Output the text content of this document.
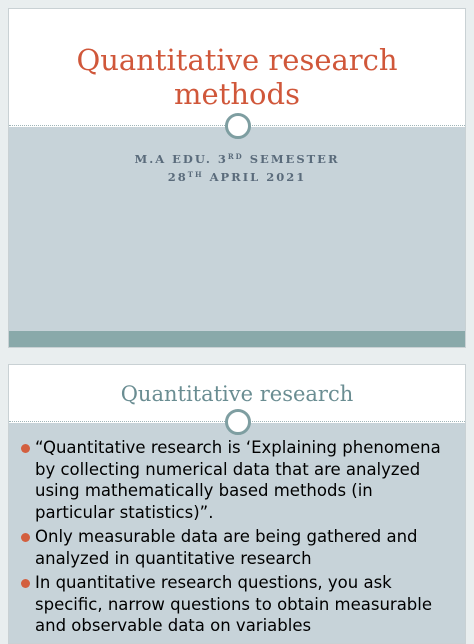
Quantitative research
methods
M.A EDU. 3RD SEMESTER
28TH APRIL 2021
Quantitative research
“Quantitative research is ‘Explaining phenomena by collecting numerical data that are analyzed using mathematically based methods (in particular statistics)”.
Only measurable data are being gathered and analyzed in quantitative research
In quantitative research questions, you ask specific, narrow questions to obtain measurable and observable data on variables
